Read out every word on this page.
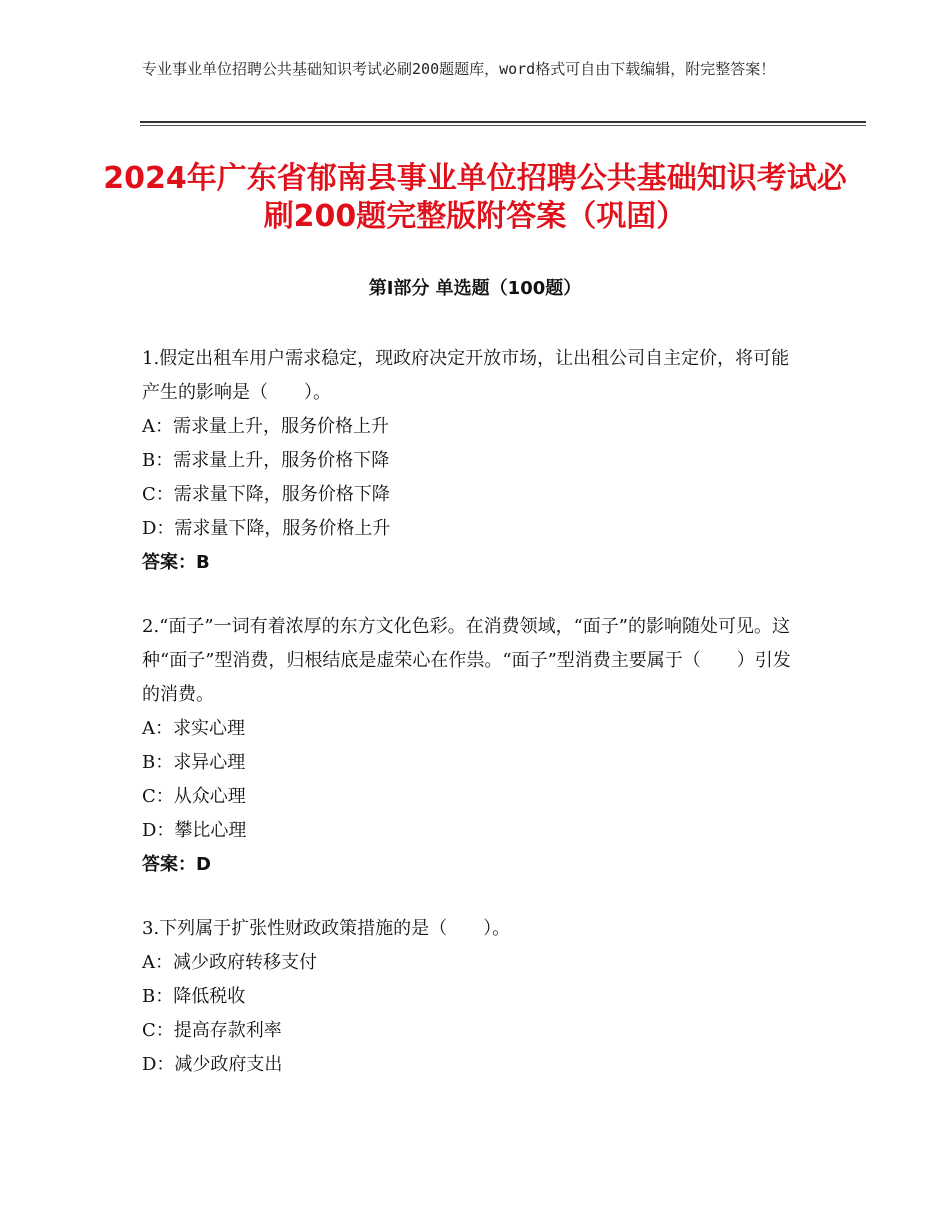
专业事业单位招聘公共基础知识考试必刷200题题库，word格式可自由下载编辑，附完整答案！
2024年广东省郁南县事业单位招聘公共基础知识考试必刷200题完整版附答案（巩固）
第Ⅰ部分 单选题（100题）

1.假定出租车用户需求稳定，现政府决定开放市场，让出租公司自主定价，将可能产生的影响是（　　）。

A：需求量上升，服务价格上升

B：需求量上升，服务价格下降

C：需求量下降，服务价格下降

D：需求量下降，服务价格上升

答案：B

2.“面子”一词有着浓厚的东方文化色彩。在消费领域，“面子”的影响随处可见。这种“面子”型消费，归根结底是虚荣心在作祟。“面子”型消费主要属于（　　）引发的消费。

A：求实心理

B：求异心理

C：从众心理

D：攀比心理

答案：D

3.下列属于扩张性财政政策措施的是（　　）。

A：减少政府转移支付

B：降低税收

C：提高存款利率

D：减少政府支出
